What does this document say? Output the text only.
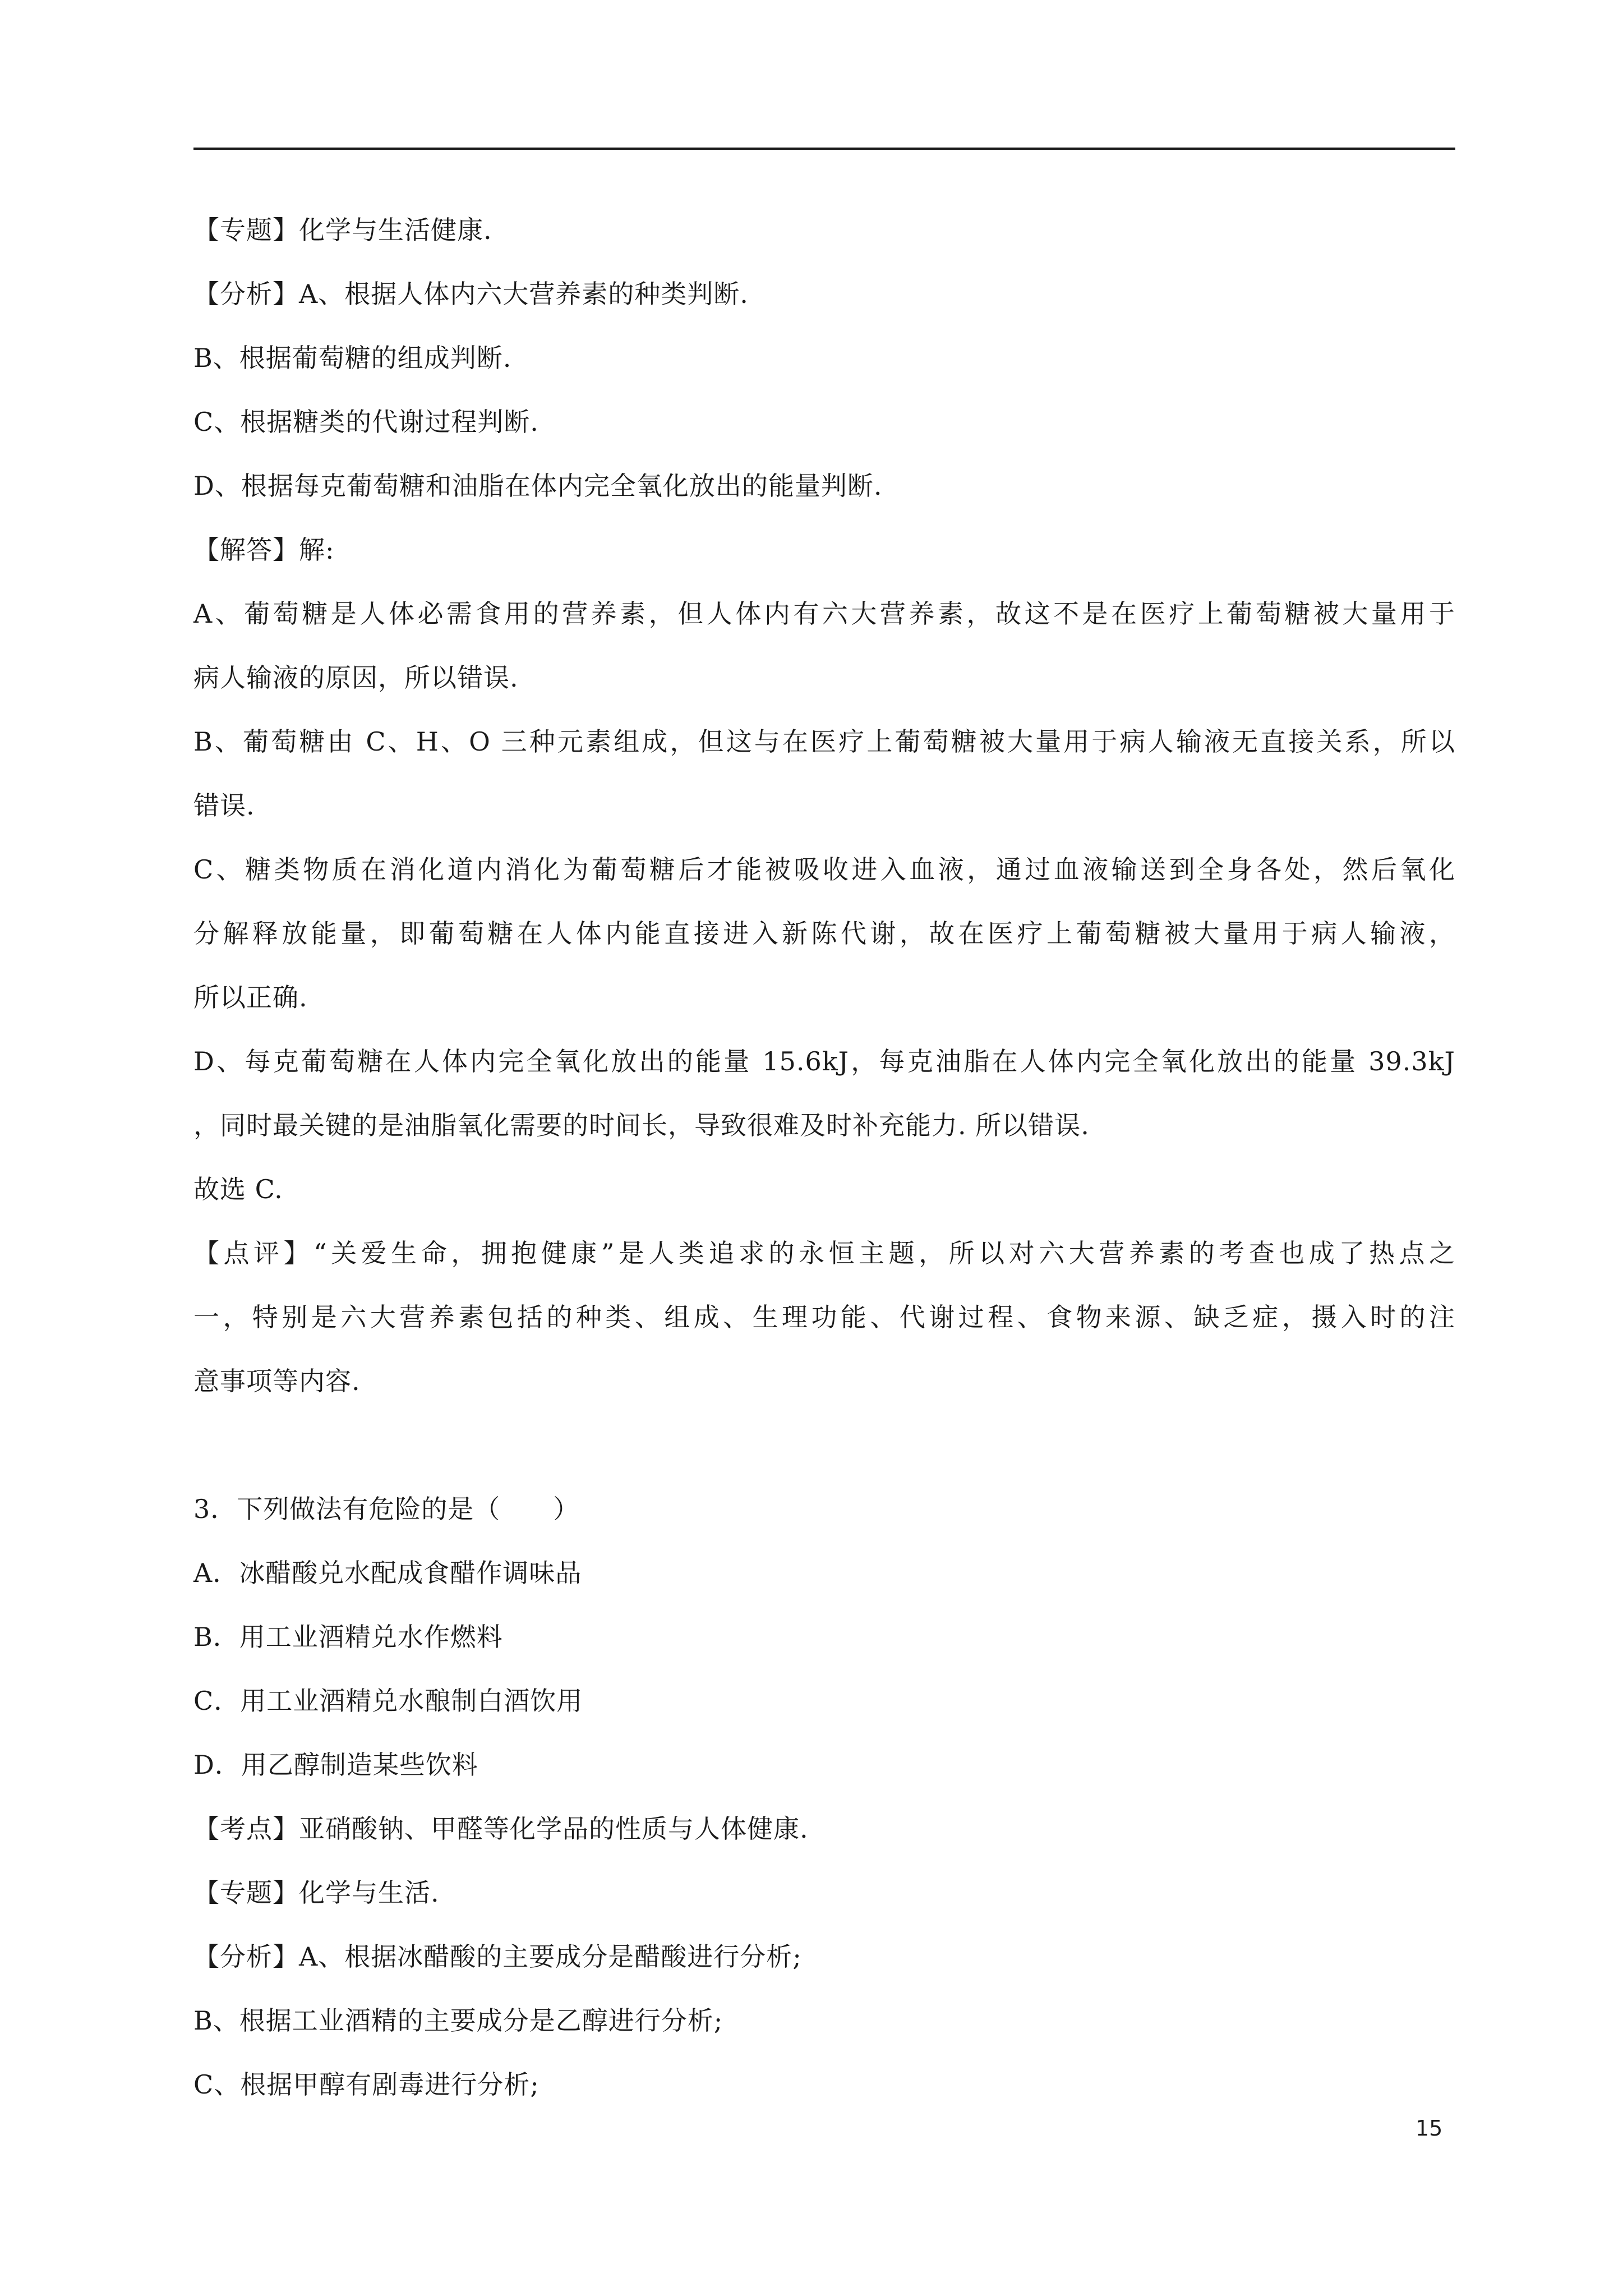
【专题】化学与生活健康.
【分析】A、根据人体内六大营养素的种类判断.
B、根据葡萄糖的组成判断.
C、根据糖类的代谢过程判断.
D、根据每克葡萄糖和油脂在体内完全氧化放出的能量判断.
【解答】解:
A、葡萄糖是人体必需食用的营养素，但人体内有六大营养素，故这不是在医疗上葡萄糖被大量用于
病人输液的原因，所以错误.
B、葡萄糖由 C、H、O 三种元素组成，但这与在医疗上葡萄糖被大量用于病人输液无直接关系，所以
错误.
C、糖类物质在消化道内消化为葡萄糖后才能被吸收进入血液，通过血液输送到全身各处，然后氧化
分解释放能量，即葡萄糖在人体内能直接进入新陈代谢，故在医疗上葡萄糖被大量用于病人输液，
所以正确.
D、每克葡萄糖在人体内完全氧化放出的能量 15.6kJ，每克油脂在人体内完全氧化放出的能量 39.3kJ
，同时最关键的是油脂氧化需要的时间长，导致很难及时补充能力. 所以错误.
故选 C.
【点评】“关爱生命，拥抱健康”是人类追求的永恒主题，所以对六大营养素的考查也成了热点之
一，特别是六大营养素包括的种类、组成、生理功能、代谢过程、食物来源、缺乏症，摄入时的注
意事项等内容.
3．下列做法有危险的是（　　）
A．冰醋酸兑水配成食醋作调味品
B．用工业酒精兑水作燃料
C．用工业酒精兑水酿制白酒饮用
D．用乙醇制造某些饮料
【考点】亚硝酸钠、甲醛等化学品的性质与人体健康.
【专题】化学与生活.
【分析】A、根据冰醋酸的主要成分是醋酸进行分析;
B、根据工业酒精的主要成分是乙醇进行分析;
C、根据甲醇有剧毒进行分析;
15
